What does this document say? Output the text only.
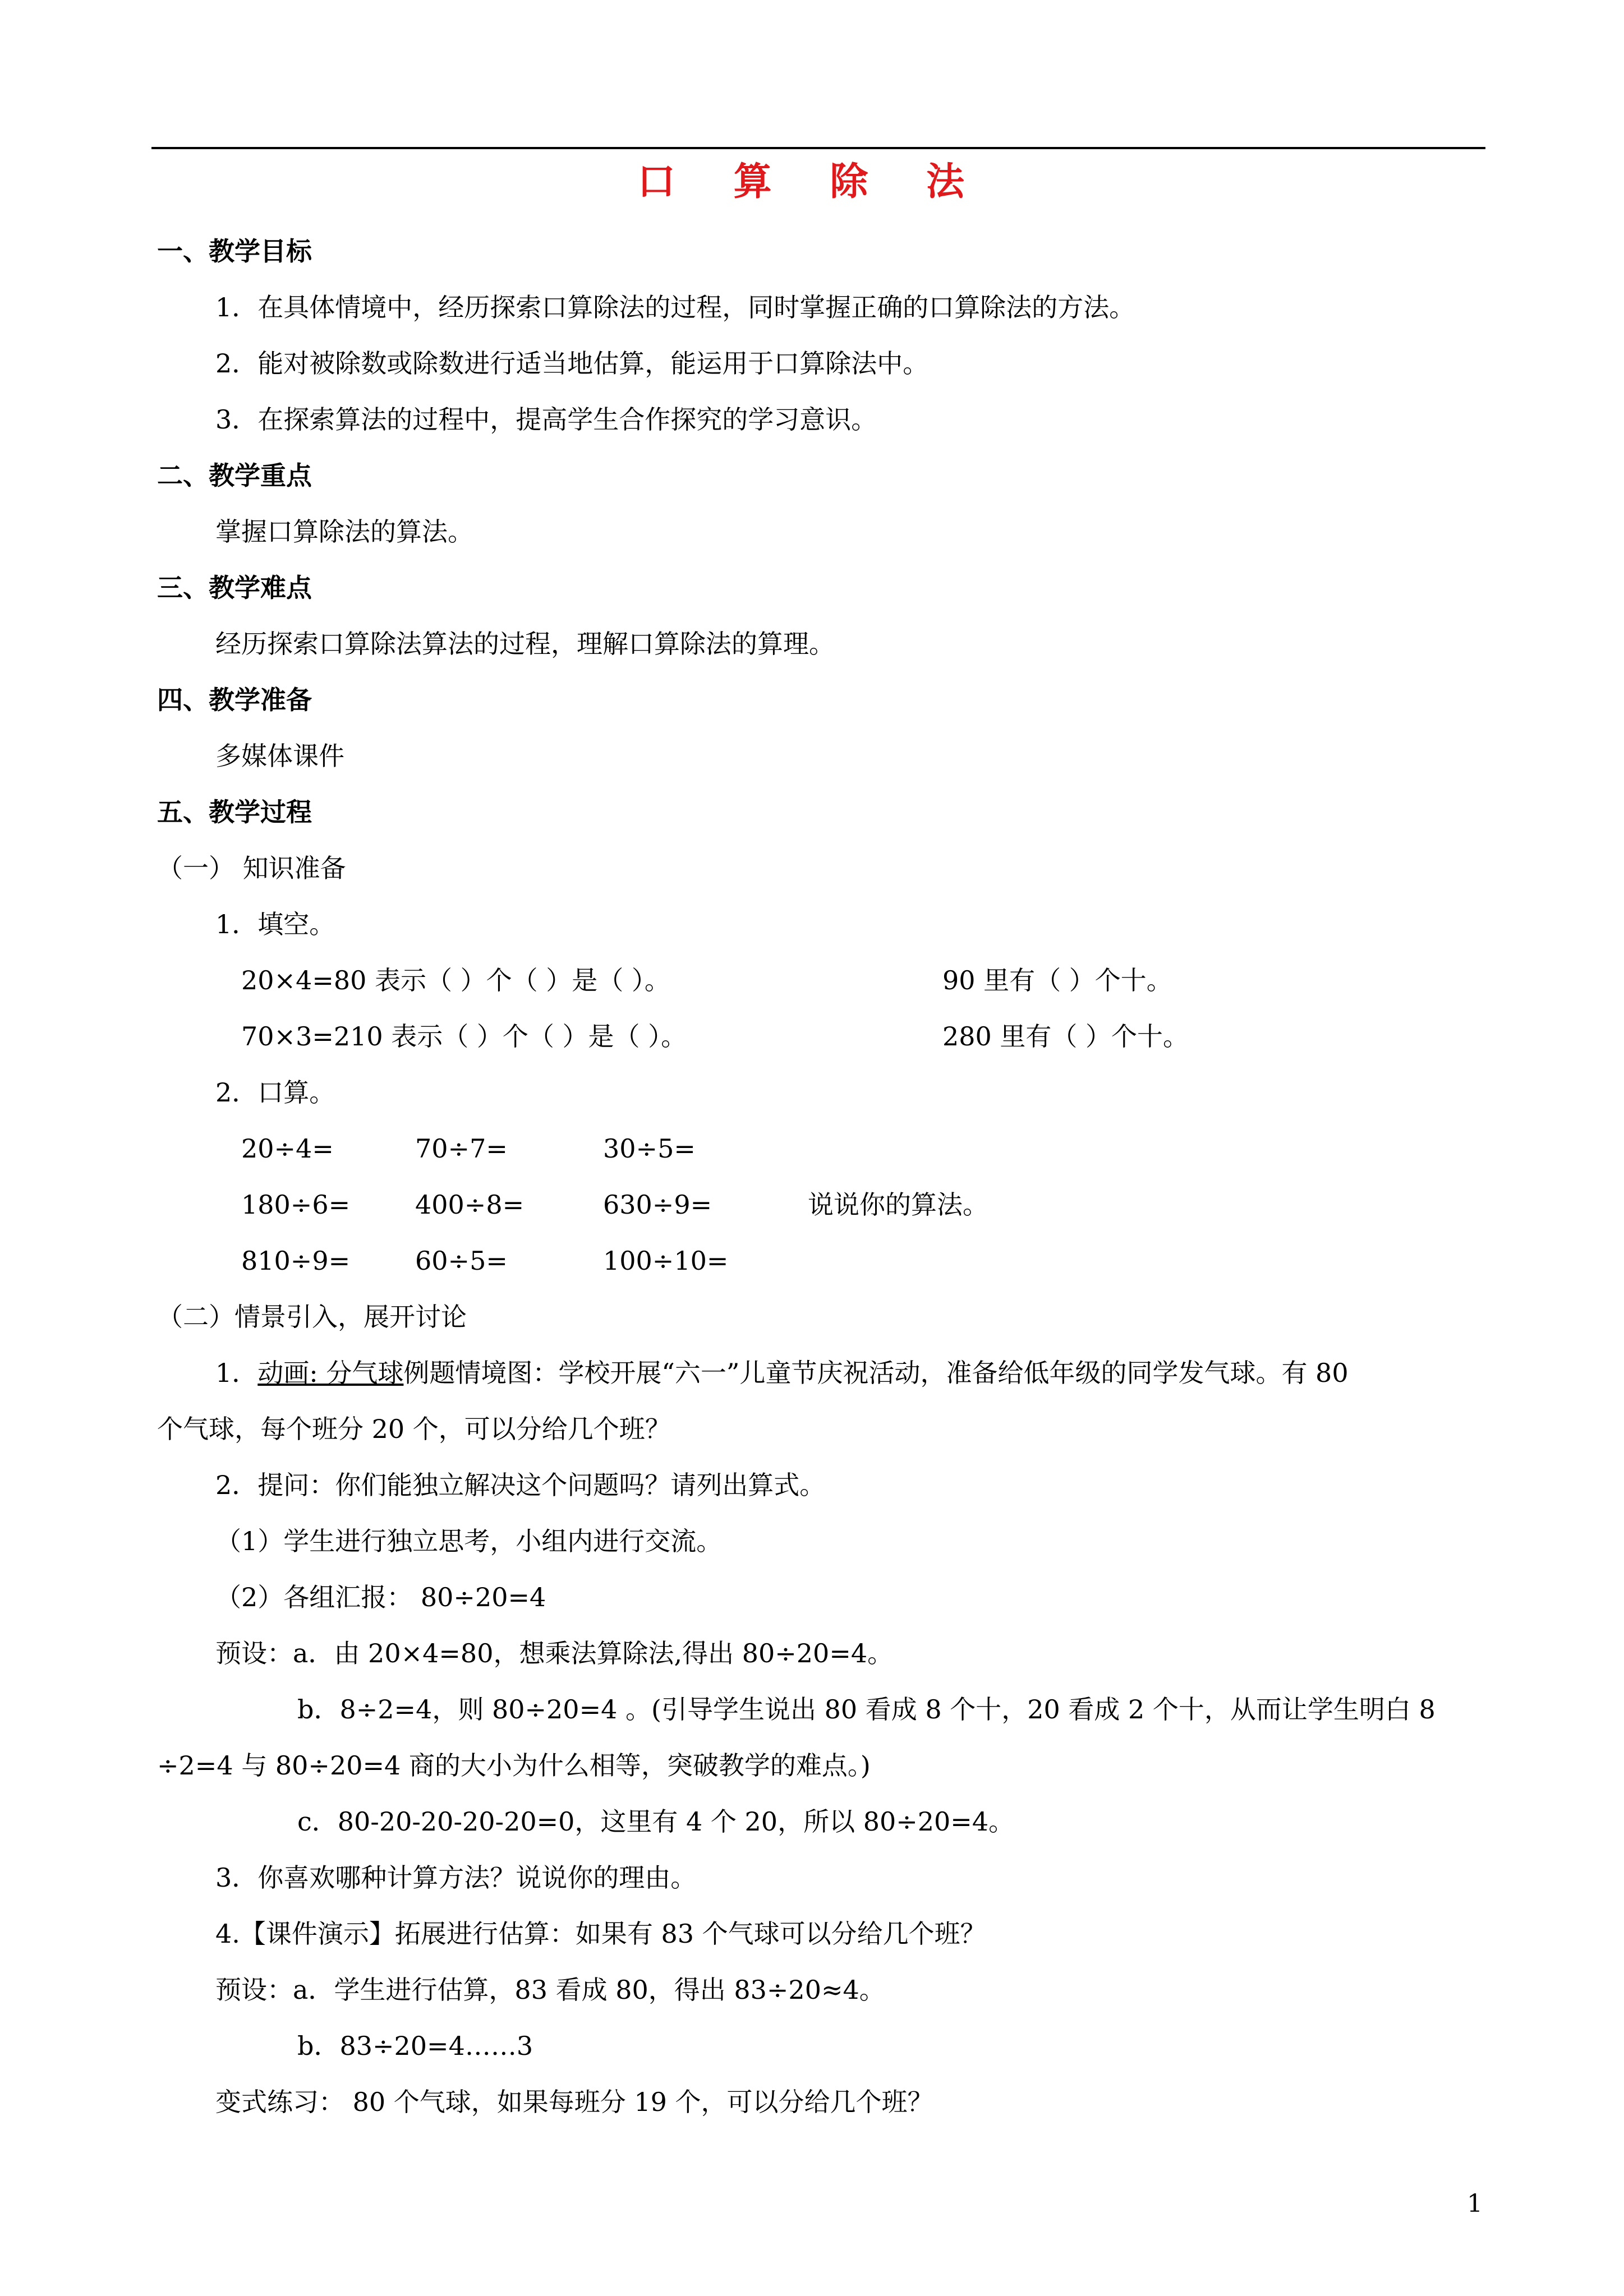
口 算 除 法
一、教学目标
1．在具体情境中，经历探索口算除法的过程，同时掌握正确的口算除法的方法。
2．能对被除数或除数进行适当地估算，能运用于口算除法中。
3．在探索算法的过程中，提高学生合作探究的学习意识。
二、教学重点
掌握口算除法的算法。
三、教学难点
经历探索口算除法算法的过程，理解口算除法的算理。
四、教学准备
多媒体课件
五、教学过程
（一） 知识准备
1．填空。
20×4=80 表示（ ）个（ ）是（ ）。	90 里有（ ）个十。
70×3=210 表示（ ）个（ ）是（ ）。	280 里有（ ）个十。
2．口算。
20÷4=	70÷7=	30÷5=
180÷6=	400÷8=	630÷9=	说说你的算法。
810÷9=	60÷5=	100÷10=
（二）情景引入，展开讨论
1．动画: 分气球例题情境图：学校开展“六一”儿童节庆祝活动，准备给低年级的同学发气球。有 80
个气球，每个班分 20 个，可以分给几个班？
2．提问：你们能独立解决这个问题吗？请列出算式。
（1）学生进行独立思考，小组内进行交流。
（2）各组汇报： 80÷20=4
预设：a．由 20×4=80，想乘法算除法,得出 80÷20=4。
b．8÷2=4，则 80÷20=4 。(引导学生说出 80 看成 8 个十，20 看成 2 个十，从而让学生明白 8
÷2=4 与 80÷20=4 商的大小为什么相等，突破教学的难点。)
c．80-20-20-20-20=0，这里有 4 个 20，所以 80÷20=4。
3．你喜欢哪种计算方法？说说你的理由。
4.【课件演示】拓展进行估算：如果有 83 个气球可以分给几个班？
预设：a．学生进行估算，83 看成 80，得出 83÷20≈4。
b．83÷20=4……3
变式练习： 80 个气球，如果每班分 19 个，可以分给几个班？
1
